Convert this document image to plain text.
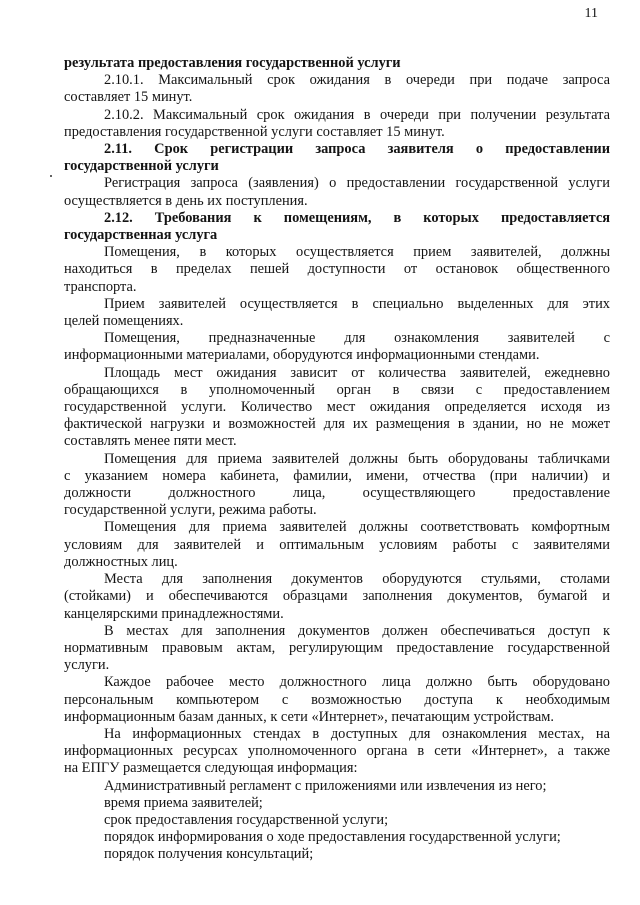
11
результата предоставления государственной услуги
2.10.1. Максимальный срок ожидания в очереди при подаче запроса
составляет 15 минут.
2.10.2. Максимальный срок ожидания в очереди при получении результата
предоставления государственной услуги составляет 15 минут.
2.11. Срок регистрации запроса заявителя о предоставлении
государственной услуги
Регистрация запроса (заявления) о предоставлении государственной услуги
осуществляется в день их поступления.
2.12. Требования к помещениям, в которых предоставляется
государственная услуга
Помещения, в которых осуществляется прием заявителей, должны
находиться в пределах пешей доступности от остановок общественного
транспорта.
Прием заявителей осуществляется в специально выделенных для этих
целей помещениях.
Помещения, предназначенные для ознакомления заявителей с
информационными материалами, оборудуются информационными стендами.
Площадь мест ожидания зависит от количества заявителей, ежедневно
обращающихся в уполномоченный орган в связи с предоставлением
государственной услуги. Количество мест ожидания определяется исходя из
фактической нагрузки и возможностей для их размещения в здании, но не может
составлять менее пяти мест.
Помещения для приема заявителей должны быть оборудованы табличками
с указанием номера кабинета, фамилии, имени, отчества (при наличии) и
должности должностного лица, осуществляющего предоставление
государственной услуги, режима работы.
Помещения для приема заявителей должны соответствовать комфортным
условиям для заявителей и оптимальным условиям работы с заявителями
должностных лиц.
Места для заполнения документов оборудуются стульями, столами
(стойками) и обеспечиваются образцами заполнения документов, бумагой и
канцелярскими принадлежностями.
В местах для заполнения документов должен обеспечиваться доступ к
нормативным правовым актам, регулирующим предоставление государственной
услуги.
Каждое рабочее место должностного лица должно быть оборудовано
персональным компьютером с возможностью доступа к необходимым
информационным базам данных, к сети «Интернет», печатающим устройствам.
На информационных стендах в доступных для ознакомления местах, на
информационных ресурсах уполномоченного органа в сети «Интернет», а также
на ЕПГУ размещается следующая информация:
Административный регламент с приложениями или извлечения из него;
время приема заявителей;
срок предоставления государственной услуги;
порядок информирования о ходе предоставления государственной услуги;
порядок получения консультаций;
